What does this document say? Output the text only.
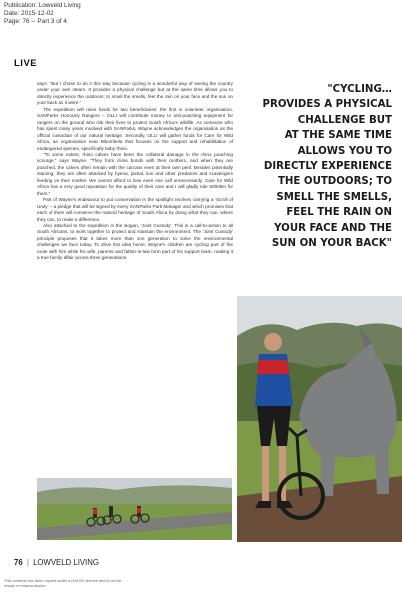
Publication: Lowveld Living
Date: 2015-12-02
Page: 76 -- Part 3 of 4
LIVE

says: "But I chose to do it this way because cycling is a wonderful way of seeing the country under your own steam. It provides a physical challenge but at the same time allows you to directly experience the outdoors; to smell the smells, feel the rain on your face and the sun on your back as it were."

The expedition will raise funds for two beneficiaries: the first is volunteer organisation, SANParks Honorary Rangers – OLLI will contribute money to anti-poaching equipment for rangers on the ground who risk their lives to protect South Africa's wildlife. As someone who has spent many years involved with SANParks, Wayne acknowledges the organisation as the official custodian of our natural heritage. Secondly, OLLI will gather funds for Care for Wild Africa, an organisation near Mbombela that focuses on the support and rehabilitation of endangered species, specifically baby rhino.

"To some extent, rhino calves have been the collateral damage in the rhino poaching scourge," says Wayne. "They form close bonds with their mothers, and when they are poached, the calves often remain with the carcass even at their own peril. Besides potentially starving, they are often attacked by hyena, jackal, lion and other predators and scavengers feeding on their mother. We cannot afford to lose even one calf unnecessarily. Care for Wild Africa has a very good reputation for the quality of their care and I will gladly ride 6000km for them."

Part of Wayne's endeavour to put conservation in the spotlight involves carrying a 'Scroll of Unity' – a pledge that will be signed by every SANParks Park Manager and which promises that each of them will conserve the natural heritage of South Africa by doing what they can, where they can, to make a difference.

Also attached to the expedition is the slogan, 'Joint Custody'. This is a call-to-action to all South Africans, to work together to protect and maintain the environment. The 'Joint Custody' principle proposes that it takes more than one generation to solve the environmental challenges we face today. To drive this idea home, Wayne's children are cycling part of the route with him while his wife, parents and father-in-law form part of his support team, making it a true family affair across three generations.

"CYCLING…
PROVIDES A PHYSICAL
CHALLENGE BUT
AT THE SAME TIME
ALLOWS YOU TO
DIRECTLY EXPERIENCE
THE OUTDOORS; TO
SMELL THE SMELLS,
FEEL THE RAIN ON
YOUR FACE AND THE
SUN ON YOUR BACK"
76 | LOWVELD LIVING
This material has been copied under a DALRO licence and is not for resale or retransmission.
